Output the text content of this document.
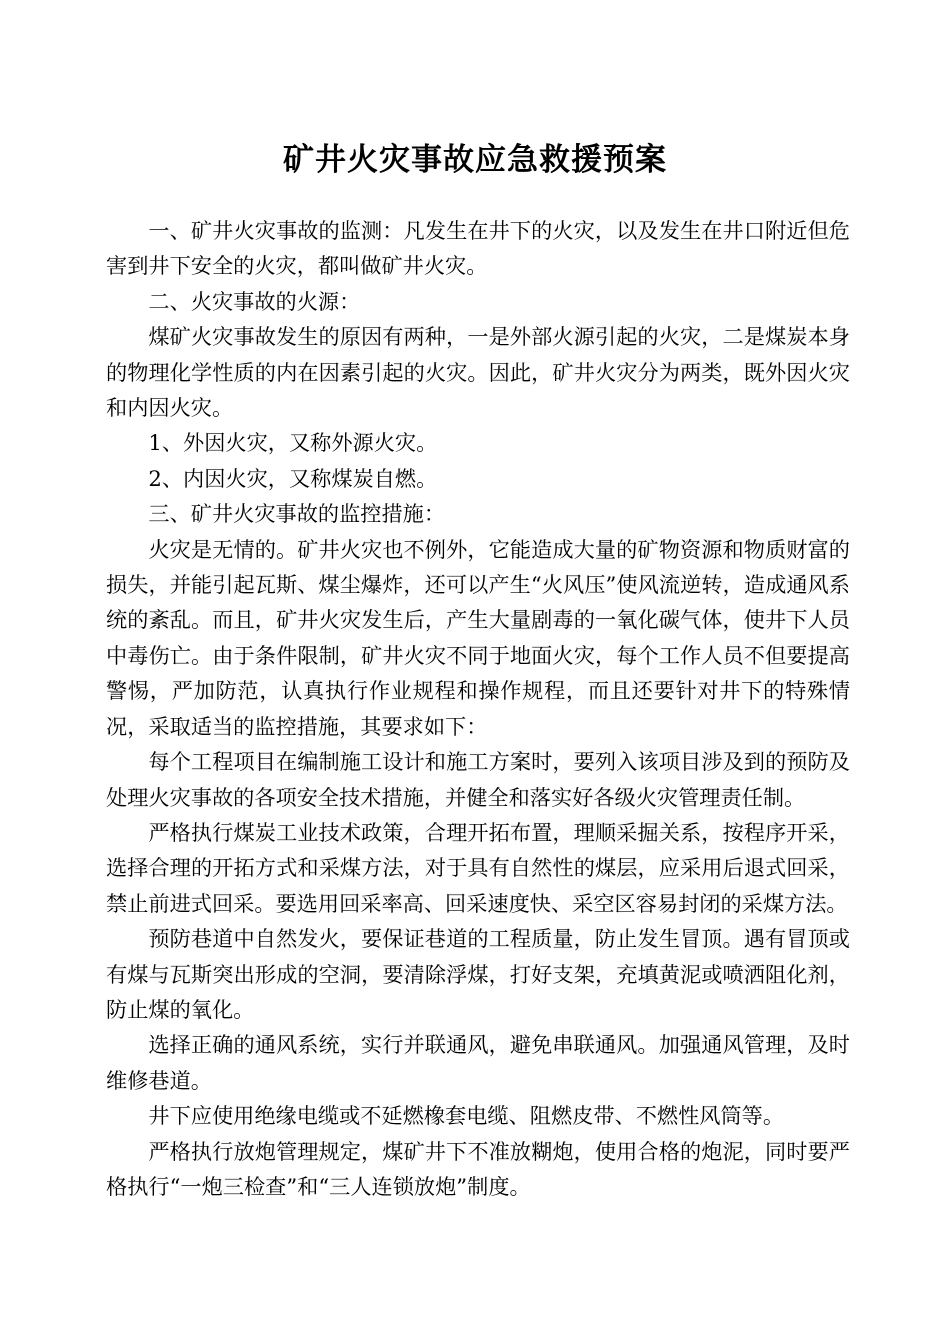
矿井火灾事故应急救援预案

一、矿井火灾事故的监测：凡发生在井下的火灾，以及发生在井口附近但危害到井下安全的火灾，都叫做矿井火灾。

二、火灾事故的火源：

煤矿火灾事故发生的原因有两种，一是外部火源引起的火灾，二是煤炭本身的物理化学性质的内在因素引起的火灾。因此，矿井火灾分为两类，既外因火灾和内因火灾。

1、外因火灾，又称外源火灾。

2、内因火灾，又称煤炭自燃。

三、矿井火灾事故的监控措施：

火灾是无情的。矿井火灾也不例外，它能造成大量的矿物资源和物质财富的损失，并能引起瓦斯、煤尘爆炸，还可以产生“火风压”使风流逆转，造成通风系统的紊乱。而且，矿井火灾发生后，产生大量剧毒的一氧化碳气体，使井下人员中毒伤亡。由于条件限制，矿井火灾不同于地面火灾，每个工作人员不但要提高警惕，严加防范，认真执行作业规程和操作规程，而且还要针对井下的特殊情况，采取适当的监控措施，其要求如下：

每个工程项目在编制施工设计和施工方案时，要列入该项目涉及到的预防及处理火灾事故的各项安全技术措施，并健全和落实好各级火灾管理责任制。

严格执行煤炭工业技术政策，合理开拓布置，理顺采掘关系，按程序开采，选择合理的开拓方式和采煤方法，对于具有自然性的煤层，应采用后退式回采，禁止前进式回采。要选用回采率高、回采速度快、采空区容易封闭的采煤方法。

预防巷道中自然发火，要保证巷道的工程质量，防止发生冒顶。遇有冒顶或有煤与瓦斯突出形成的空洞，要清除浮煤，打好支架，充填黄泥或喷洒阻化剂，防止煤的氧化。

选择正确的通风系统，实行并联通风，避免串联通风。加强通风管理，及时维修巷道。

井下应使用绝缘电缆或不延燃橡套电缆、阻燃皮带、不燃性风筒等。

严格执行放炮管理规定，煤矿井下不准放糊炮，使用合格的炮泥，同时要严格执行“一炮三检查”和“三人连锁放炮”制度。
